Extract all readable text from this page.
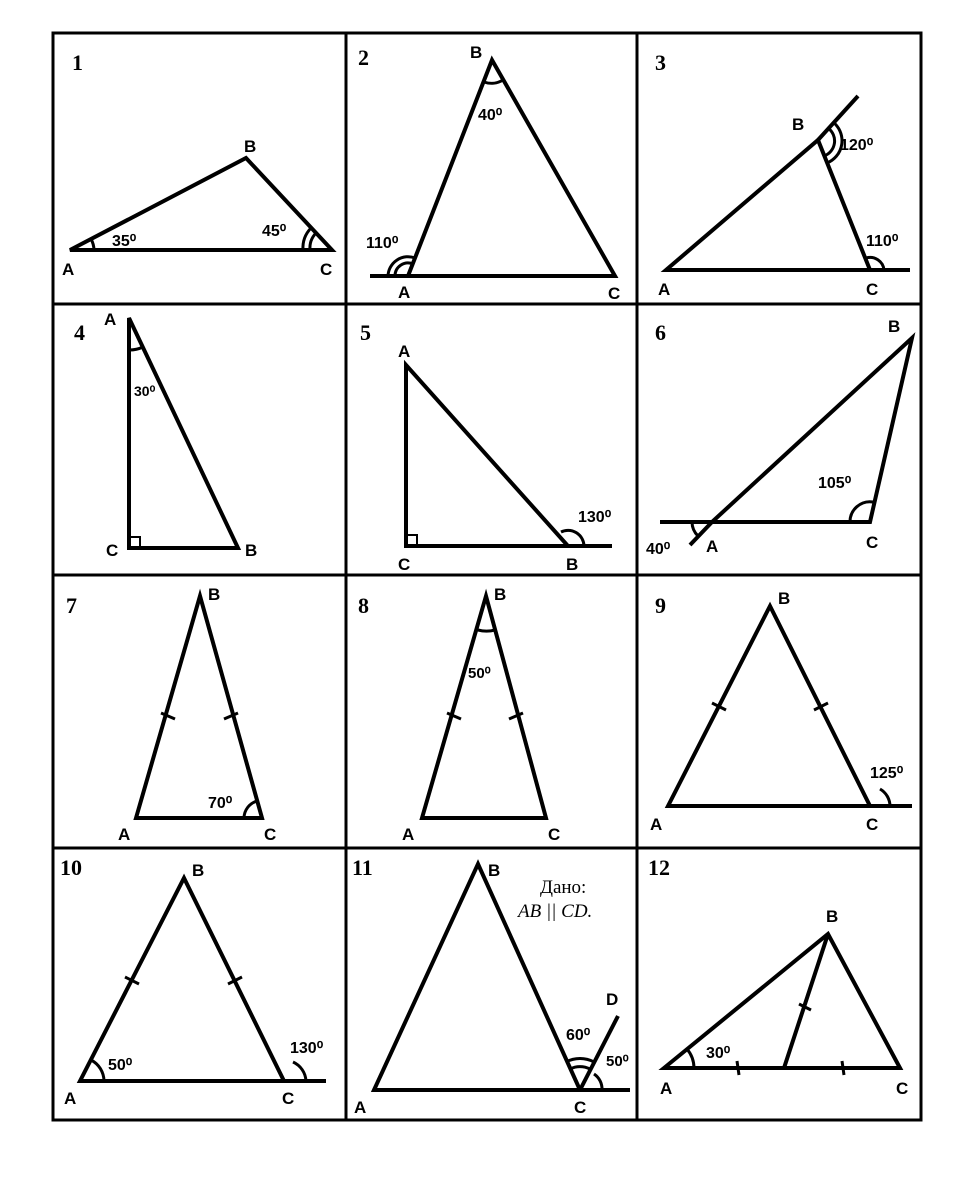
1
A
B
C
35⁰
45⁰
2
A
B
C
40⁰
110⁰
3
A
B
C
120⁰
110⁰
4
A
B
C
30⁰
5
A
B
C
130⁰
6
A
B
C
105⁰
40⁰
7
A
B
C
70⁰
8
A
B
C
50⁰
9
A
B
C
125⁰
10
A
B
C
50⁰
130⁰
11
A
B
C
D
60⁰
50⁰
Дано:
AB || CD.
12
A
B
C
30⁰
